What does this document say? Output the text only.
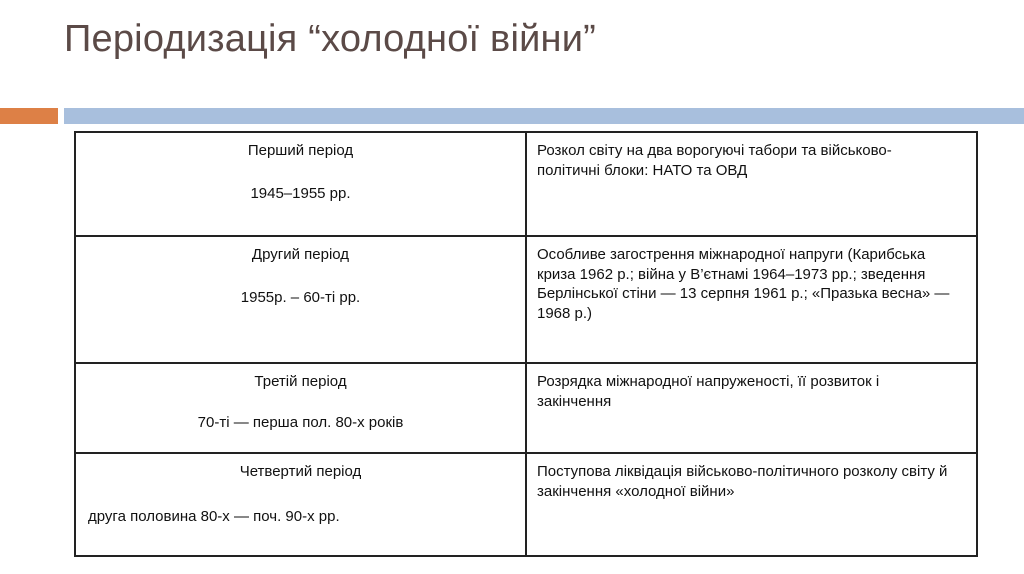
Періодизація “холодної війни”
Перший період
1945–1955 рр.	Розкол світу на два ворогуючі табори та військово-політичні блоки: НАТО та ОВД

Другий період
1955р. – 60-ті рр.	Особливе загострення міжнародної напруги (Карибська криза 1962 р.; війна у В’єтнамі 1964–1973 рр.; зведення Берлінської стіни — 13 серпня 1961 р.; «Празька весна» — 1968 р.)

Третій період
70-ті — перша пол. 80-х років	Розрядка міжнародної напруженості, її розвиток і закінчення

Четвертий період
друга половина 80-х — поч. 90-х рр.	Поступова ліквідація військово-політичного розколу світу й закінчення «холодної війни»
